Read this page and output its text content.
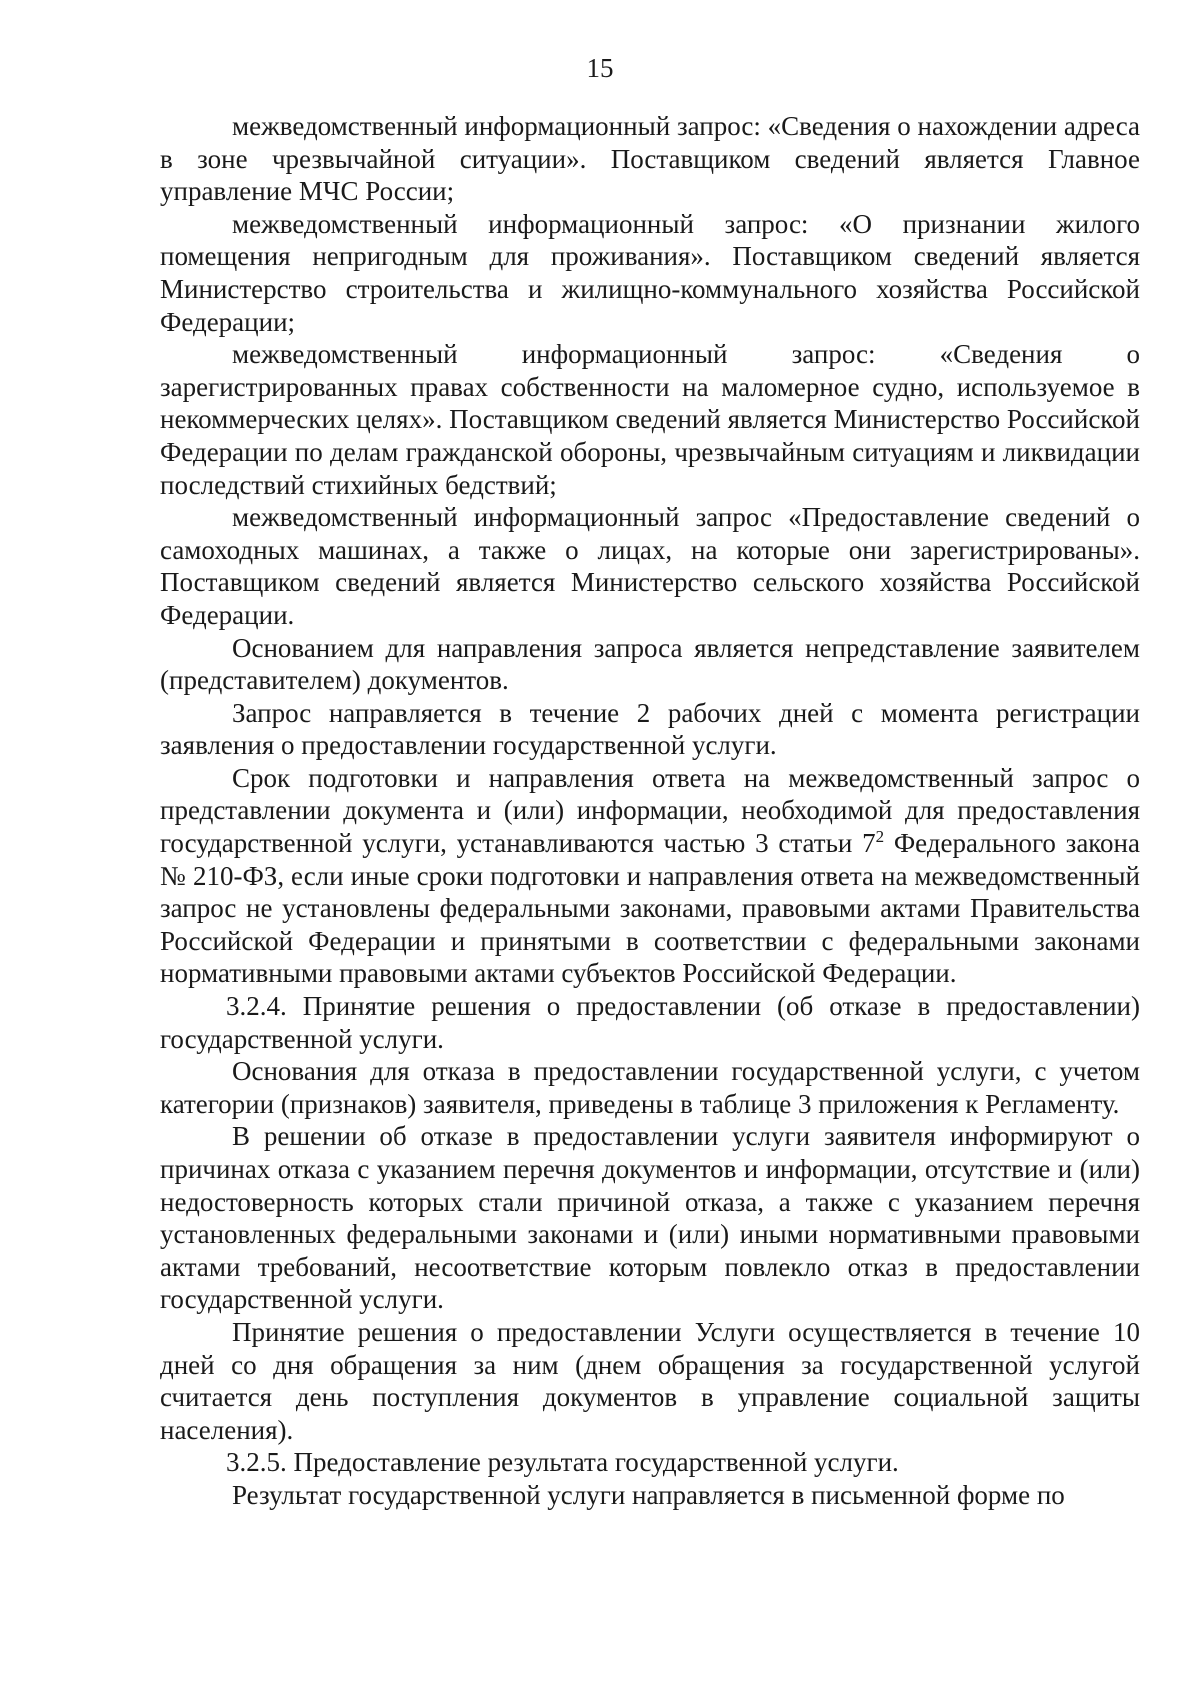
15

межведомственный информационный запрос: «Сведения о нахождении адреса в зоне чрезвычайной ситуации». Поставщиком сведений является Главное управление МЧС России;

межведомственный информационный запрос: «О признании жилого помещения непригодным для проживания». Поставщиком сведений является Министерство строительства и жилищно-коммунального хозяйства Российской Федерации;

межведомственный информационный запрос: «Сведения о зарегистрированных правах собственности на маломерное судно, используемое в некоммерческих целях». Поставщиком сведений является Министерство Российской Федерации по делам гражданской обороны, чрезвычайным ситуациям и ликвидации последствий стихийных бедствий;

межведомственный информационный запрос «Предоставление сведений о самоходных машинах, а также о лицах, на которые они зарегистрированы». Поставщиком сведений является Министерство сельского хозяйства Российской Федерации.

Основанием для направления запроса является непредставление заявителем (представителем) документов.

Запрос направляется в течение 2 рабочих дней с момента регистрации заявления о предоставлении государственной услуги.

Срок подготовки и направления ответа на межведомственный запрос о представлении документа и (или) информации, необходимой для предоставления государственной услуги, устанавливаются частью 3 статьи $7^2$ Федерального закона № 210-ФЗ, если иные сроки подготовки и направления ответа на межведомственный запрос не установлены федеральными законами, правовыми актами Правительства Российской Федерации и принятыми в соответствии с федеральными законами нормативными правовыми актами субъектов Российской Федерации.

3.2.4. Принятие решения о предоставлении (об отказе в предоставлении) государственной услуги.

Основания для отказа в предоставлении государственной услуги, с учетом категории (признаков) заявителя, приведены в таблице 3 приложения к Регламенту.

В решении об отказе в предоставлении услуги заявителя информируют о причинах отказа с указанием перечня документов и информации, отсутствие и (или) недостоверность которых стали причиной отказа, а также с указанием перечня установленных федеральными законами и (или) иными нормативными правовыми актами требований, несоответствие которым повлекло отказ в предоставлении государственной услуги.

Принятие решения о предоставлении Услуги осуществляется в течение 10 дней со дня обращения за ним (днем обращения за государственной услугой считается день поступления документов в управление социальной защиты населения).

3.2.5. Предоставление результата государственной услуги.

Результат государственной услуги направляется в письменной форме по
